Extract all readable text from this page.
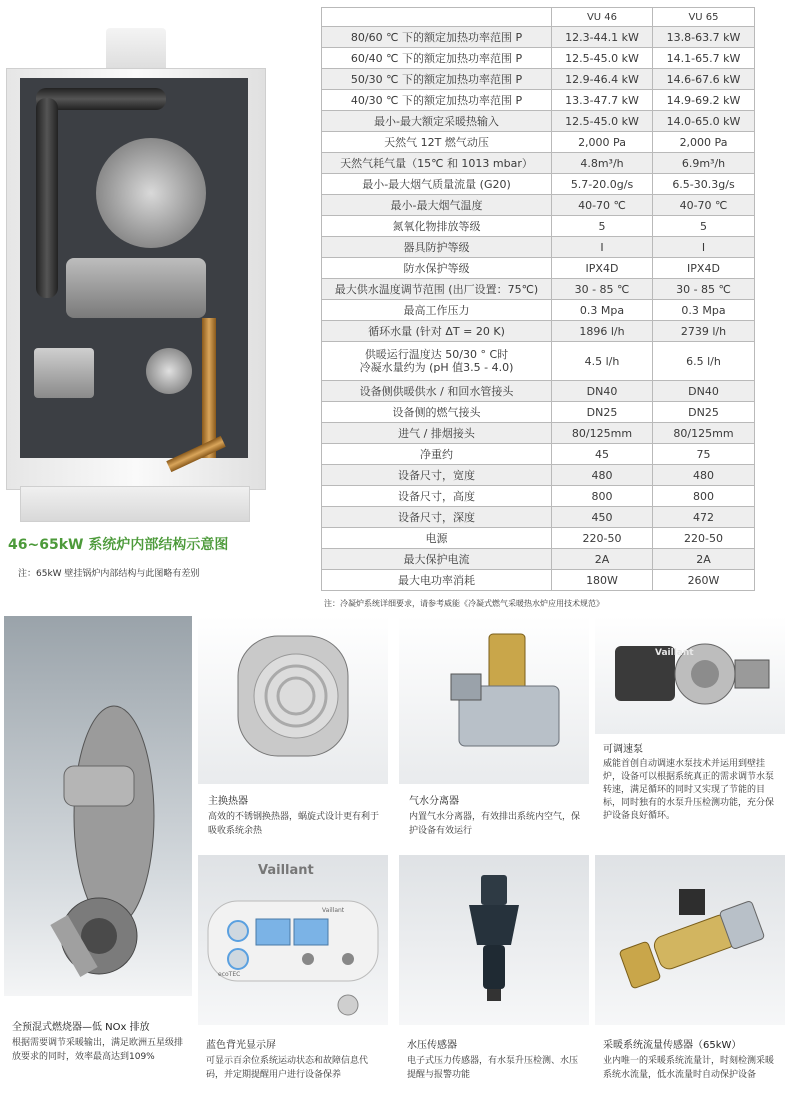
46~65kW 系统炉内部结构示意图
注：65kW 壁挂锅炉内部结构与此图略有差别
	VU 46	VU 65
80/60 ℃ 下的额定加热功率范围 P	12.3-44.1 kW	13.8-63.7 kW
60/40 ℃ 下的额定加热功率范围 P	12.5-45.0 kW	14.1-65.7 kW
50/30 ℃ 下的额定加热功率范围 P	12.9-46.4 kW	14.6-67.6 kW
40/30 ℃ 下的额定加热功率范围 P	13.3-47.7 kW	14.9-69.2 kW
最小-最大额定采暖热输入	12.5-45.0 kW	14.0-65.0 kW
天然气 12T 燃气动压	2,000 Pa	2,000 Pa
天然气耗气量（15℃ 和 1013 mbar）	4.8m³/h	6.9m³/h
最小-最大烟气质量流量 (G20)	5.7-20.0g/s	6.5-30.3g/s
最小-最大烟气温度	40-70 ℃	40-70 ℃
氮氧化物排放等级	5	5
器具防护等级	I	I
防水保护等级	IPX4D	IPX4D
最大供水温度调节范围 (出厂设置：75℃)	30 - 85 ℃	30 - 85 ℃
最高工作压力	0.3 Mpa	0.3 Mpa
循环水量 (针对 ΔT = 20 K)	1896 l/h	2739 l/h
供暖运行温度达 50/30 ° C时
冷凝水量约为 (pH 值3.5 - 4.0)	4.5 l/h	6.5 l/h
设备侧供暖供水 / 和回水管接头	DN40	DN40
设备侧的燃气接头	DN25	DN25
进气 / 排烟接头	80/125mm	80/125mm
净重约	45	75
设备尺寸，宽度	480	480
设备尺寸，高度	800	800
设备尺寸，深度	450	472
电源	220-50	220-50
最大保护电流	2A	2A
最大电功率消耗	180W	260W
注：冷凝炉系统详细要求，请参考威能《冷凝式燃气采暖热水炉应用技术规范》
全预混式燃烧器—低 NOx 排放
根据需要调节采暖输出，满足欧洲五星级排放要求的同时，效率最高达到109%
主换热器
高效的不锈钢换热器，蜗旋式设计更有利于吸收系统余热
气水分离器
内置气水分离器，有效排出系统内空气，保护设备有效运行
Vaillant
可调速泵
威能首创自动调速水泵技术并运用到壁挂炉，设备可以根据系统真正的需求调节水泵转速，满足循环的同时又实现了节能的目标，同时独有的水泵升压检测功能，充分保护设备良好循环。
Vaillant
Vaillant
ecoTEC
蓝色背光显示屏
可显示百余位系统运动状态和故障信息代码，并定期提醒用户进行设备保养
水压传感器
电子式压力传感器，有水泵升压检测、水压提醒与报警功能
采暖系统流量传感器（65kW）
业内唯一的采暖系统流量计，时刻检测采暖系统水流量，低水流量时自动保护设备
